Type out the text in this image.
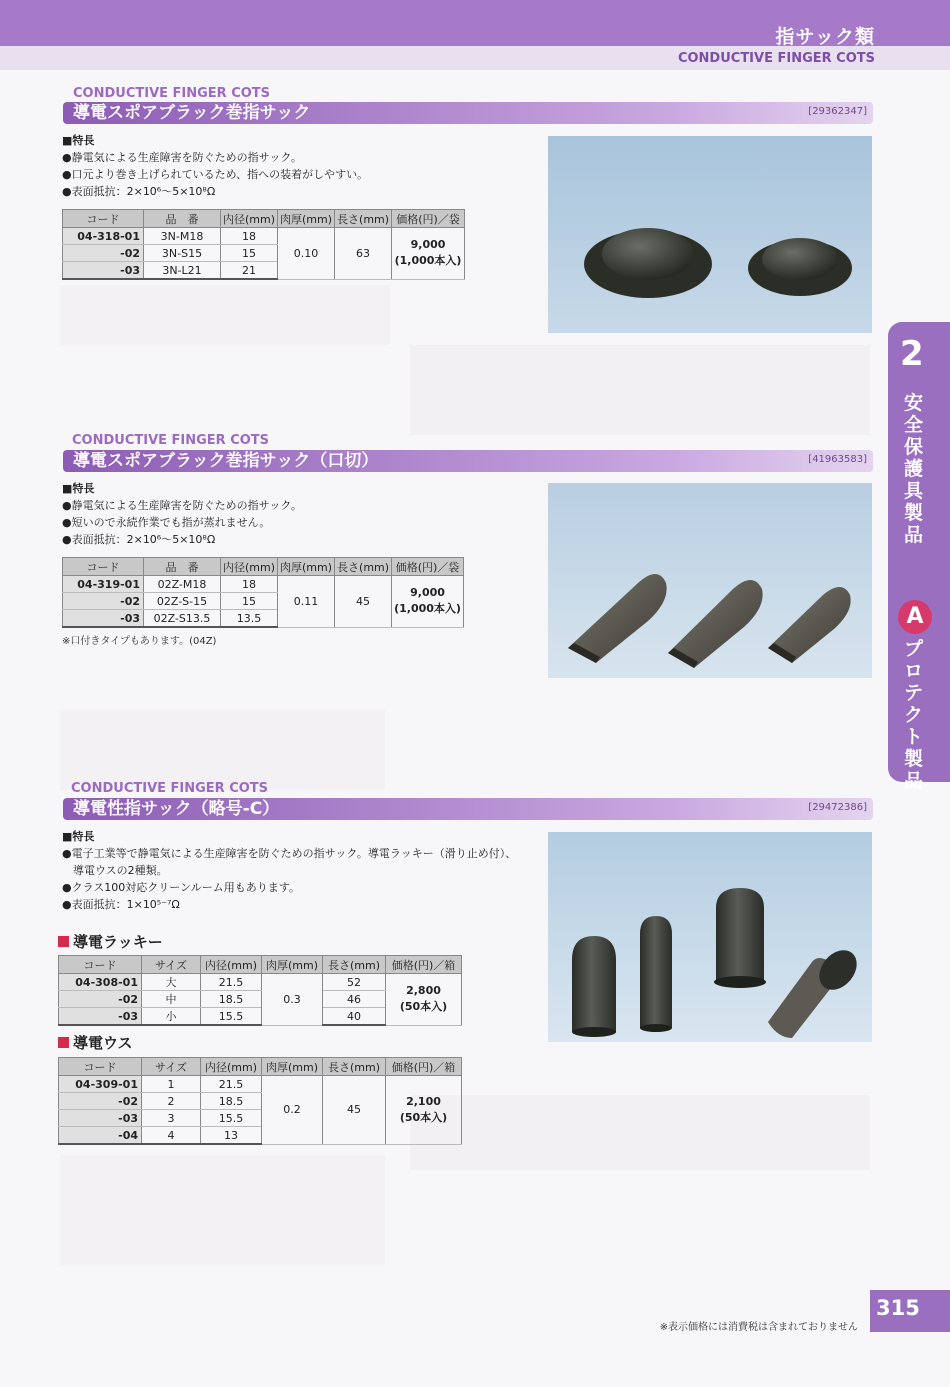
指サック類
CONDUCTIVE FINGER COTS
2
安全保護具製品
A
プロテクト製品
CONDUCTIVE FINGER COTS
導電スポアブラック巻指サック	[29362347]
■特長
●静電気による生産障害を防ぐための指サック。
●口元より巻き上げられているため、指への装着がしやすい。
●表面抵抗：2×10⁶～5×10⁸Ω
コード	品　番	内径(mm)	肉厚(mm)	長さ(mm)	価格(円)／袋
04-318-01	3N-M18	18	0.10	63	9,000
(1,000本入)
-02	3N-S15	15			
-03	3N-L21	21			
CONDUCTIVE FINGER COTS
導電スポアブラック巻指サック（口切）	[41963583]
■特長
●静電気による生産障害を防ぐための指サック。
●短いので永続作業でも指が蒸れません。
●表面抵抗：2×10⁶～5×10⁸Ω
コード	品　番	内径(mm)	肉厚(mm)	長さ(mm)	価格(円)／袋
04-319-01	02Z-M18	18	0.11	45	9,000
(1,000本入)
-02	02Z-S-15	15			
-03	02Z-S13.5	13.5			
※口付きタイプもあります。(04Z)
CONDUCTIVE FINGER COTS
導電性指サック（略号-C）	[29472386]
■特長
●電子工業等で静電気による生産障害を防ぐための指サック。導電ラッキー（滑り止め付）、
　導電ウスの2種類。
●クラス100対応クリーンルーム用もあります。
●表面抵抗：1×10⁵⁻⁷Ω
導電ラッキー
コード	サイズ	内径(mm)	肉厚(mm)	長さ(mm)	価格(円)／箱
04-308-01	大	21.5	0.3	52	2,800
(50本入)
-02	中	18.5		46	
-03	小	15.5		40	
導電ウス
コード	サイズ	内径(mm)	肉厚(mm)	長さ(mm)	価格(円)／箱
04-309-01	1	21.5	0.2	45	2,100
(50本入)
-02	2	18.5			
-03	3	15.5			
-04	4	13			
※表示価格には消費税は含まれておりません
315
